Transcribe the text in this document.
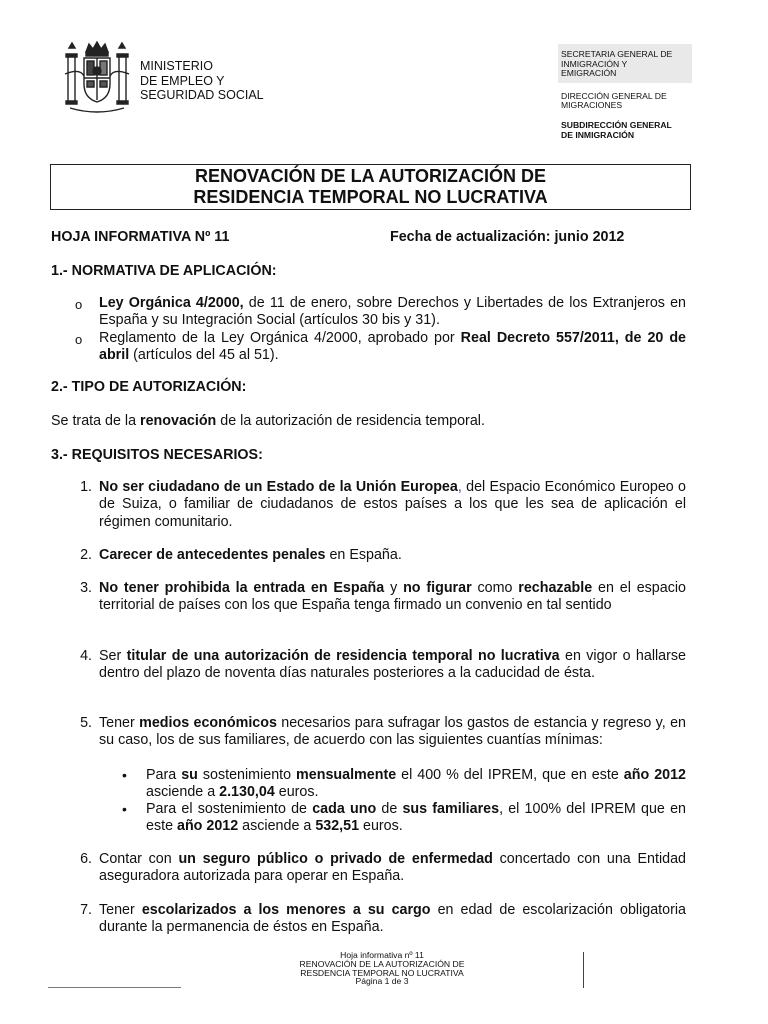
MINISTERIO
DE EMPLEO Y
SEGURIDAD SOCIAL
SECRETARIA GENERAL DE
INMIGRACIÓN Y
EMIGRACIÓN
DIRECCIÓN GENERAL DE
MIGRACIONES
SUBDIRECCIÓN GENERAL
DE INMIGRACIÓN
RENOVACIÓN DE LA AUTORIZACIÓN DE
RESIDENCIA TEMPORAL NO LUCRATIVA
HOJA INFORMATIVA Nº 11	Fecha de actualización: junio 2012
1.- NORMATIVA DE APLICACIÓN:
o Ley Orgánica 4/2000, de 11 de enero, sobre Derechos y Libertades de los Extranjeros en España y su Integración Social (artículos 30 bis y 31).
o Reglamento de la Ley Orgánica 4/2000, aprobado por Real Decreto 557/2011, de 20 de abril (artículos del 45 al 51).
2.- TIPO DE AUTORIZACIÓN:
Se trata de la renovación de la autorización de residencia temporal.
3.- REQUISITOS NECESARIOS:
1. No ser ciudadano de un Estado de la Unión Europea, del Espacio Económico Europeo o de Suiza, o familiar de ciudadanos de estos países a los que les sea de aplicación el régimen comunitario.
2. Carecer de antecedentes penales en España.
3. No tener prohibida la entrada en España y no figurar como rechazable en el espacio territorial de países con los que España tenga firmado un convenio en tal sentido
4. Ser titular de una autorización de residencia temporal no lucrativa en vigor o hallarse dentro del plazo de noventa días naturales posteriores a la caducidad de ésta.
5. Tener medios económicos necesarios para sufragar los gastos de estancia y regreso y, en su caso, los de sus familiares, de acuerdo con las siguientes cuantías mínimas:
• Para su sostenimiento mensualmente el 400 % del IPREM, que en este año 2012 asciende a 2.130,04 euros.
• Para el sostenimiento de cada uno de sus familiares, el 100% del IPREM que en este año 2012 asciende a 532,51 euros.
6. Contar con un seguro público o privado de enfermedad concertado con una Entidad aseguradora autorizada para operar en España.
7. Tener escolarizados a los menores a su cargo en edad de escolarización obligatoria durante la permanencia de éstos en España.
Hoja informativa nº 11
RENOVACIÓN DE LA AUTORIZACIÓN DE
RESDENCIA TEMPORAL NO LUCRATIVA
Página 1 de 3
